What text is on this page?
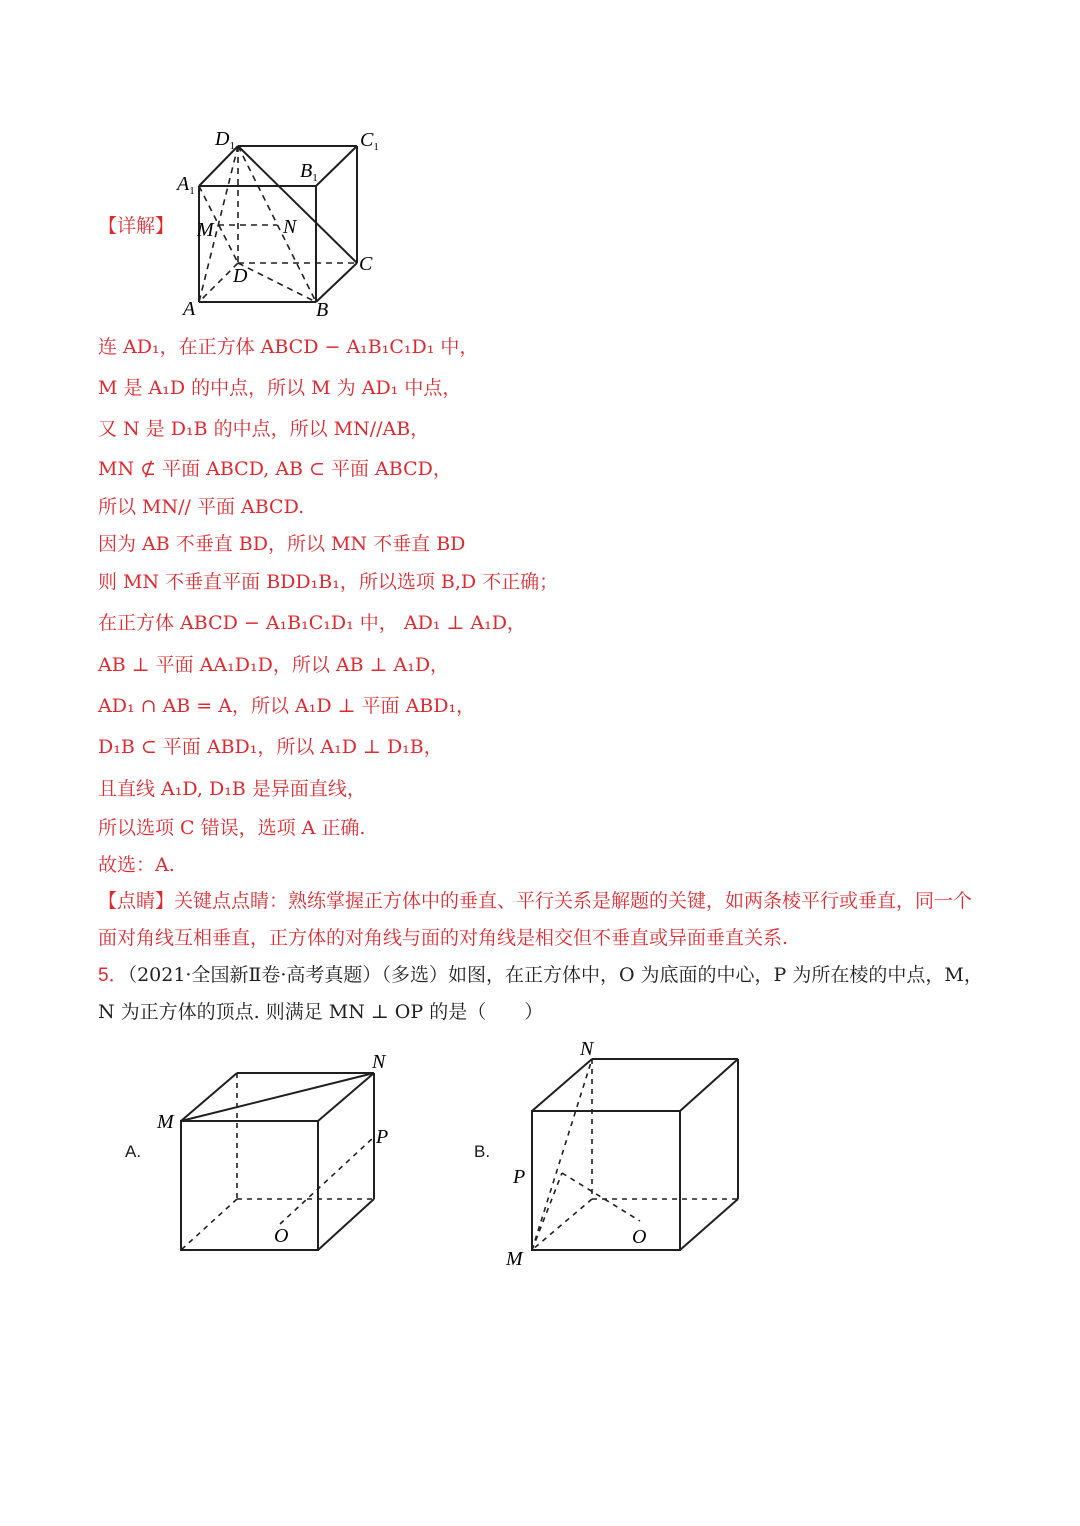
【详解】
$D_1$	$C_1$
$B_1$
$A_1$
M	N
C
D
A	B
连 AD₁，在正方体 ABCD − A₁B₁C₁D₁ 中，
M 是 A₁D 的中点，所以 M 为 AD₁ 中点，
又 N 是 D₁B 的中点，所以 MN//AB，
MN ⊄ 平面 ABCD, AB ⊂ 平面 ABCD，
所以 MN// 平面 ABCD.
因为 AB 不垂直 BD，所以 MN 不垂直 BD
则 MN 不垂直平面 BDD₁B₁，所以选项 B,D 不正确；
在正方体 ABCD − A₁B₁C₁D₁ 中， AD₁ ⊥ A₁D，
AB ⊥ 平面 AA₁D₁D，所以 AB ⊥ A₁D，
AD₁ ∩ AB = A，所以 A₁D ⊥ 平面 ABD₁，
D₁B ⊂ 平面 ABD₁，所以 A₁D ⊥ D₁B，
且直线 A₁D, D₁B 是异面直线，
所以选项 C 错误，选项 A 正确.
故选：A.
【点睛】关键点点睛：熟练掌握正方体中的垂直、平行关系是解题的关键，如两条棱平行或垂直，同一个面对角线互相垂直，正方体的对角线与面的对角线是相交但不垂直或异面垂直关系.
5．（2021·全国新Ⅱ卷·高考真题）（多选）如图，在正方体中，O 为底面的中心，P 为所在棱的中点，M，N 为正方体的顶点. 则满足 MN ⊥ OP 的是（　　）
A.
M
N
P
O
B.
N
P
O
M
